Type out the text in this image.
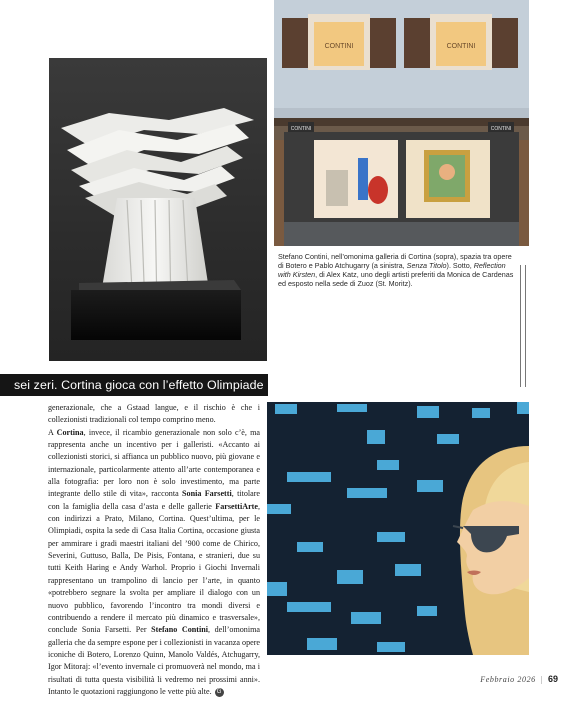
CONTINI	CONTINI
CONTINI	CONTINI

Stefano Contini, nell’omonima galleria di Cortina (sopra), spazia tra opere di Botero e Pablo Atchugarry (a sinistra, Senza Titolo). Sotto, Reflection with Kirsten, di Alex Katz, uno degli artisti preferiti da Monica de Cardenas ed esposto nella sede di Zuoz (St. Moritz).

sei zeri. Cortina gioca con l’effetto Olimpiade

generazionale, che a Gstaad langue, e il rischio è che i collezionisti tradizionali col tempo comprino meno.

A Cortina, invece, il ricambio generazionale non solo c’è, ma rappresenta anche un incentivo per i galleristi. «Accanto ai collezionisti storici, si affianca un pubblico nuovo, più giovane e internazionale, particolarmente attento all’arte contemporanea e alla fotografia: per loro non è solo investimento, ma parte integrante dello stile di vita», racconta Sonia Farsetti, titolare con la famiglia della casa d’asta e delle gallerie FarsettiArte, con indirizzi a Prato, Milano, Cortina. Quest’ultima, per le Olimpiadi, ospita la sede di Casa Italia Cortina, occasione giusta per ammirare i gradi maestri italiani del ’900 come de Chirico, Severini, Guttuso, Balla, De Pisis, Fontana, e stranieri, due su tutti Keith Haring e Andy Warhol. Proprio i Giochi Invernali rappresentano un trampolino di lancio per l’arte, in quanto «potrebbero segnare la svolta per ampliare il dialogo con un nuovo pubblico, favorendo l’incontro tra mondi diversi e contribuendo a rendere il mercato più dinamico e trasversale», conclude Sonia Farsetti. Per Stefano Contini, dell’omonima galleria che da sempre espone per i collezionisti in vacanza opere iconiche di Botero, Lorenzo Quinn, Manolo Valdés, Atchugarry, Igor Mitoraj: «l’evento invernale ci promuoverà nel mondo, ma i risultati di tutta questa visibilità li vedremo nei prossimi anni». Intanto le quotazioni raggiungono le vette più alte. G

Febbraio 2026 | 69
